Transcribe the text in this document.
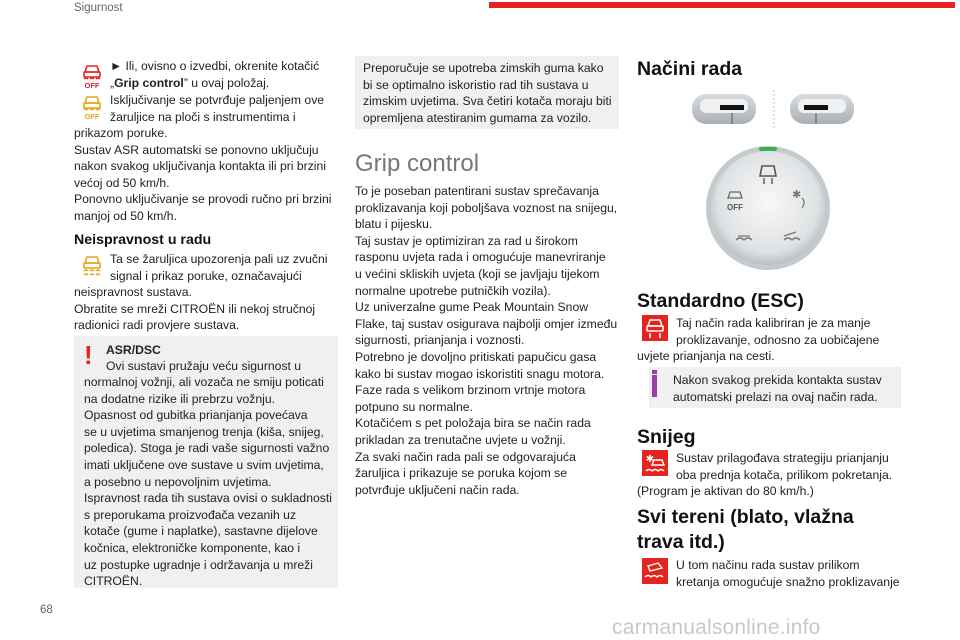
Sigurnost
OFF
OFF
► Ili, ovisno o izvedbi, okrenite kotačić
„Grip control” u ovaj položaj.
Isključivanje se potvrđuje paljenjem ove
žaruljice na ploči s instrumentima i
prikazom poruke.
Sustav ASR automatski se ponovno uključuju
nakon svakog uključivanja kontakta ili pri brzini
većoj od 50 km/h.
Ponovno uključivanje se provodi ručno pri brzini
manjoj od 50 km/h.
Neispravnost u radu
Ta se žaruljica upozorenja pali uz zvučni
signal i prikaz poruke, označavajući
neispravnost sustava.
Obratite se mreži CITROËN ili nekoj stručnoj
radionici radi provjere sustava.
! ASR/DSC
Ovi sustavi pružaju veću sigurnost u
normalnoj vožnji, ali vozača ne smiju poticati
na dodatne rizike ili prebrzu vožnju.
Opasnost od gubitka prianjanja povećava
se u uvjetima smanjenog trenja (kiša, snijeg,
poledica). Stoga je radi vaše sigurnosti važno
imati uključene ove sustave u svim uvjetima,
a posebno u nepovoljnim uvjetima.
Ispravnost rada tih sustava ovisi o sukladnosti
s preporukama proizvođača vezanih uz
kotače (gume i naplatke), sastavne dijelove
kočnica, elektroničke komponente, kao i
uz postupke ugradnje i održavanja u mreži
CITROËN.
Preporučuje se upotreba zimskih guma kako
bi se optimalno iskoristio rad tih sustava u
zimskim uvjetima. Sva četiri kotača moraju biti
opremljena atestiranim gumama za vozilo.
Grip control
To je poseban patentirani sustav sprečavanja
proklizavanja koji poboljšava voznost na snijegu,
blatu i pijesku.
Taj sustav je optimiziran za rad u širokom
rasponu uvjeta rada i omogućuje manevriranje
u većini skliskih uvjeta (koji se javljaju tijekom
normalne upotrebe putničkih vozila).
Uz univerzalne gume Peak Mountain Snow
Flake, taj sustav osigurava najbolji omjer između
sigurnosti, prianjanja i voznosti.
Potrebno je dovoljno pritiskati papučicu gasa
kako bi sustav mogao iskoristiti snagu motora.
Faze rada s velikom brzinom vrtnje motora
potpuno su normalne.
Kotačićem s pet položaja bira se način rada
prikladan za trenutačne uvjete u vožnji.
Za svaki način rada pali se odgovarajuća
žaruljica i prikazuje se poruka kojom se
potvrđuje uključeni način rada.
Načini rada
OFF
✱
Standardno (ESC)
Taj način rada kalibriran je za manje
proklizavanje, odnosno za uobičajene
uvjete prianjanja na cesti.
Nakon svakog prekida kontakta sustav
automatski prelazi na ovaj način rada.
Snijeg
✱ Sustav prilagođava strategiju prianjanju
oba prednja kotača, prilikom pokretanja.
(Program je aktivan do 80 km/h.)
Svi tereni (blato, vlažna
trava itd.)
U tom načinu rada sustav prilikom
kretanja omogućuje snažno proklizavanje
68
carmanualsonline.info
